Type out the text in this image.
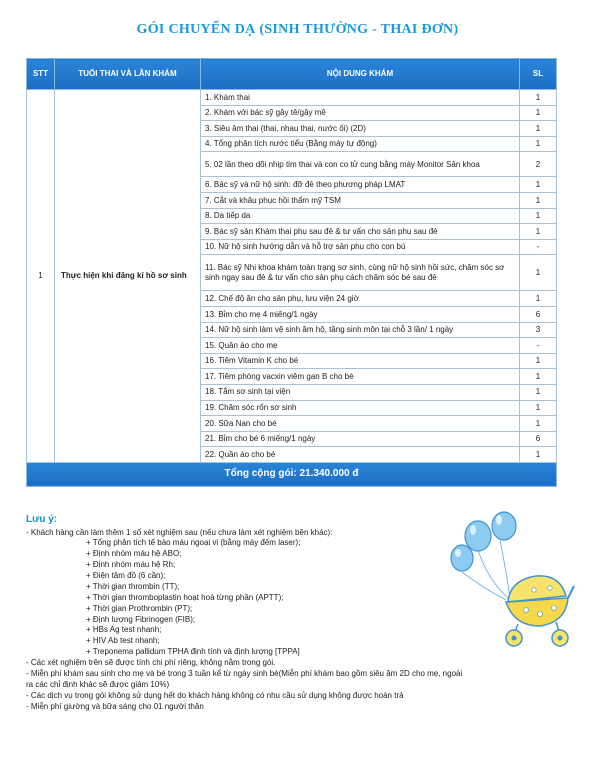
GÓI CHUYỂN DẠ (SINH THƯỜNG - THAI ĐƠN)
STT	TUỔI THAI VÀ LẦN KHÁM	NỘI DUNG KHÁM	SL
1	Thực hiện khi đăng kí hồ sơ sinh	1. Khám thai	1
		2. Khám với bác sỹ gây tê/gây mê	1
		3. Siêu âm thai (thai, nhau thai, nước ối) (2D)	1
		4. Tổng phân tích nước tiểu (Bằng máy tự động)	1
		5. 02 lần theo dõi nhịp tim thai và con co tử cung bằng máy Monitor Sản khoa	2
		6. Bác sỹ và nữ hộ sinh: đỡ đẻ theo phương pháp LMAT	1
		7. Cắt và khâu phục hồi thẩm mỹ TSM	1
		8. Da tiếp da	1
		9. Bác sỹ sản Khám thai phụ sau đẻ & tư vấn cho sản phụ sau đẻ	1
		10. Nữ hộ sinh hướng dẫn và hỗ trợ sản phụ cho con bú	-
		11. Bác sỹ Nhi khoa khám toàn trạng sơ sinh, cùng nữ hộ sinh hồi sức, chăm sóc sơ sinh ngay sau đẻ & tư vấn cho sản phụ cách chăm sóc bé sau đẻ	1
		12. Chế độ ăn cho sản phụ, lưu viện 24 giờ	1
		13. Bỉm cho mẹ 4 miếng/1 ngày	6
		14. Nữ hộ sinh làm vệ sinh âm hộ, tầng sinh môn tại chỗ 3 lần/ 1 ngày	3
		15. Quần áo cho mẹ	-
		16. Tiêm Vitamin K cho bé	1
		17. Tiêm phòng vacxin viêm gan B cho bé	1
		18. Tắm sơ sinh tại viện	1
		19. Chăm sóc rốn sơ sinh	1
		20. Sữa Nan cho bé	1
		21. Bỉm cho bé 6 miếng/1 ngày	6
		22. Quần áo cho bé	1
Tổng cộng gói: 21.340.000 đ			
Lưu ý:
- Khách hàng cần làm thêm 1 số xét nghiệm sau (nếu chưa làm xét nghiệm bên khác):
+ Tổng phân tích tế bào máu ngoại vi (bằng máy đếm laser);
+ Định nhóm máu hệ ABO;
+ Định nhóm máu hệ Rh;
+ Điện tâm đồ (6 cần);
+ Thời gian thrombin (TT);
+ Thời gian thromboplastin hoạt hoá từng phần (APTT);
+ Thời gian Prothrombin (PT);
+ Định lượng Fibrinogen (FIB);
+ HBs Ag test nhanh;
+ HIV Ab test nhanh;
+ Treponema pallidum TPHA định tính và định lượng [TPPA]
- Các xét nghiệm trên sẽ được tính chi phí riêng, không nằm trong gói.
- Miễn phí khám sau sinh cho mẹ và bé trong 3 tuần kể từ ngày sinh bé(Miễn phí khám bao gồm siêu âm 2D cho mẹ, ngoài ra các chỉ định khác sẽ được giảm 10%)
- Các dịch vụ trong gói không sử dụng hết do khách hàng không có nhu cầu sử dụng không được hoàn trả
- Miễn phí giường và bữa sáng cho 01 người thân
